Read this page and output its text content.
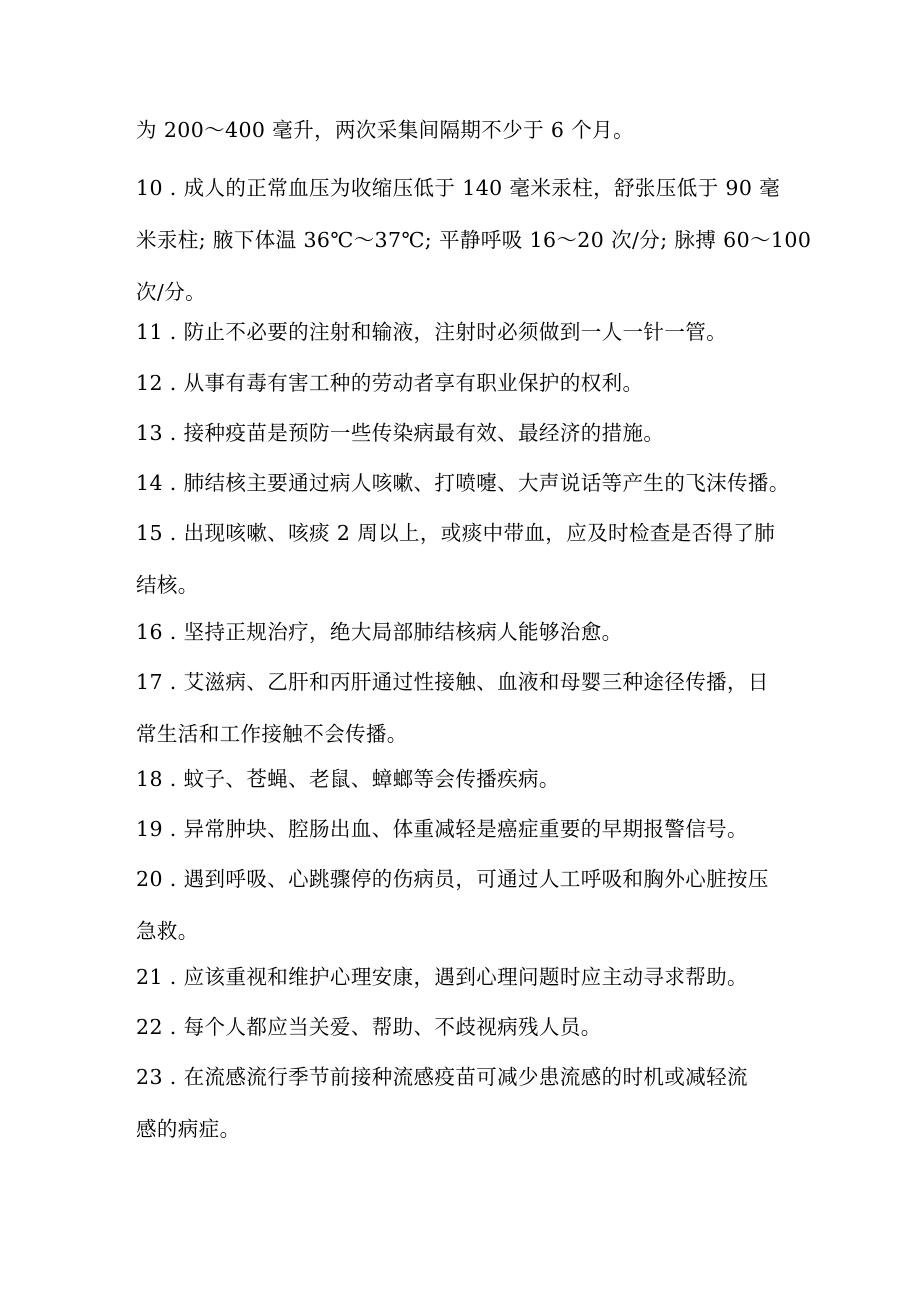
为 200～400 毫升，两次采集间隔期不少于 6 个月。
10 . 成人的正常血压为收缩压低于 140 毫米汞柱，舒张压低于 90 毫
米汞柱; 腋下体温 36℃～37℃; 平静呼吸 16～20 次/分; 脉搏 60～100
次/分。
11 . 防止不必要的注射和输液，注射时必须做到一人一针一管。
12 . 从事有毒有害工种的劳动者享有职业保护的权利。
13 . 接种疫苗是预防一些传染病最有效、最经济的措施。
14 . 肺结核主要通过病人咳嗽、打喷嚏、大声说话等产生的飞沫传播。
15 . 出现咳嗽、咳痰 2 周以上，或痰中带血，应及时检查是否得了肺
结核。
16 . 坚持正规治疗，绝大局部肺结核病人能够治愈。
17 . 艾滋病、乙肝和丙肝通过性接触、血液和母婴三种途径传播，日
常生活和工作接触不会传播。
18 . 蚊子、苍蝇、老鼠、蟑螂等会传播疾病。
19 . 异常肿块、腔肠出血、体重减轻是癌症重要的早期报警信号。
20 . 遇到呼吸、心跳骤停的伤病员，可通过人工呼吸和胸外心脏按压
急救。
21 . 应该重视和维护心理安康，遇到心理问题时应主动寻求帮助。
22 . 每个人都应当关爱、帮助、不歧视病残人员。
23 . 在流感流行季节前接种流感疫苗可减少患流感的时机或减轻流
感的病症。
